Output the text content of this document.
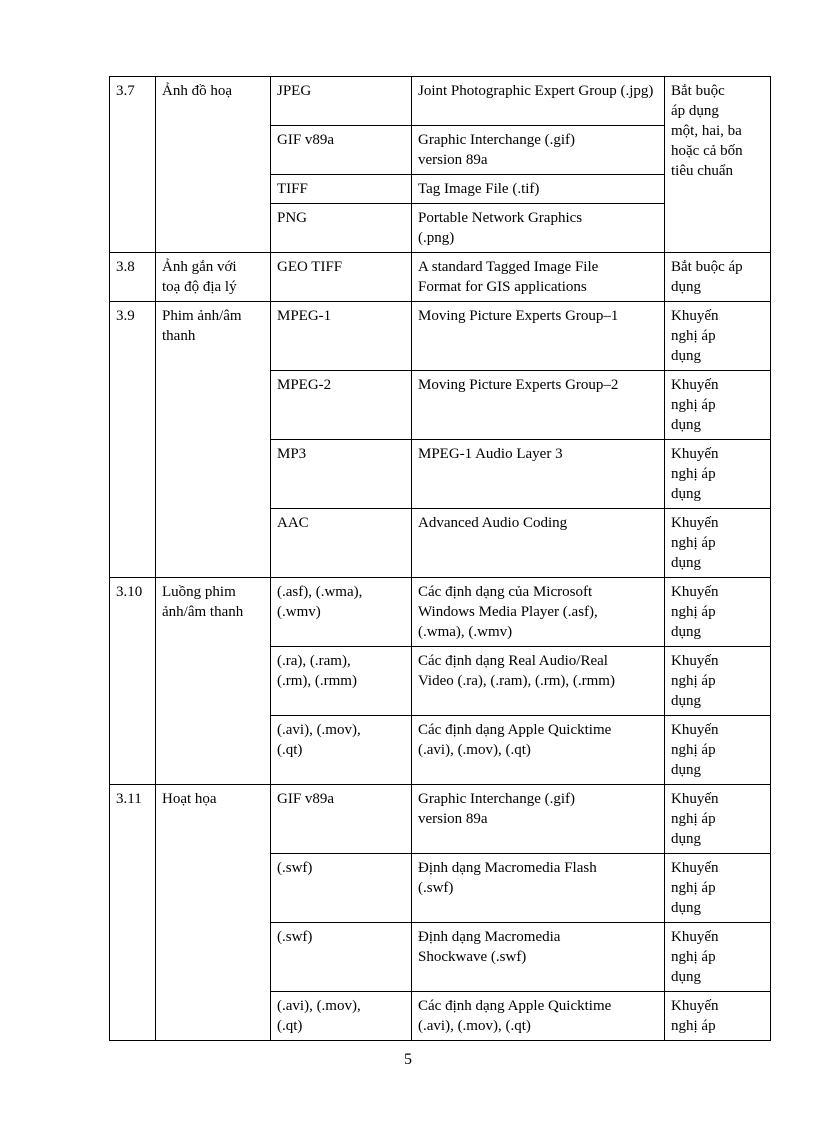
3.7	Ảnh đồ hoạ	JPEG	Joint Photographic Expert Group (.jpg)	Bắt buộc
áp dụng
một, hai, ba
hoặc cả bốn
tiêu chuẩn
		GIF v89a	Graphic Interchange (.gif)
version 89a	
		TIFF	Tag Image File (.tif)	
		PNG	Portable Network Graphics
(.png)	
3.8	Ảnh gắn với
toạ độ địa lý	GEO TIFF	A standard Tagged Image File
Format for GIS applications	Bắt buộc áp
dụng
3.9	Phim ảnh/âm
thanh	MPEG-1	Moving Picture Experts Group–1	Khuyến
nghị áp
dụng
		MPEG-2	Moving Picture Experts Group–2	Khuyến
nghị áp
dụng
		MP3	MPEG-1 Audio Layer 3	Khuyến
nghị áp
dụng
		AAC	Advanced Audio Coding	Khuyến
nghị áp
dụng
3.10	Luồng phim
ảnh/âm thanh	(.asf), (.wma),
(.wmv)	Các định dạng của Microsoft
Windows Media Player (.asf),
(.wma), (.wmv)	Khuyến
nghị áp
dụng
		(.ra), (.ram),
(.rm), (.rmm)	Các định dạng Real Audio/Real
Video (.ra), (.ram), (.rm), (.rmm)	Khuyến
nghị áp
dụng
		(.avi), (.mov),
(.qt)	Các định dạng Apple Quicktime
(.avi), (.mov), (.qt)	Khuyến
nghị áp
dụng
3.11	Hoạt họa	GIF v89a	Graphic Interchange (.gif)
version 89a	Khuyến
nghị áp
dụng
		(.swf)	Định dạng Macromedia Flash
(.swf)	Khuyến
nghị áp
dụng
		(.swf)	Định dạng Macromedia
Shockwave (.swf)	Khuyến
nghị áp
dụng
		(.avi), (.mov),
(.qt)	Các định dạng Apple Quicktime
(.avi), (.mov), (.qt)	Khuyến
nghị áp
5
